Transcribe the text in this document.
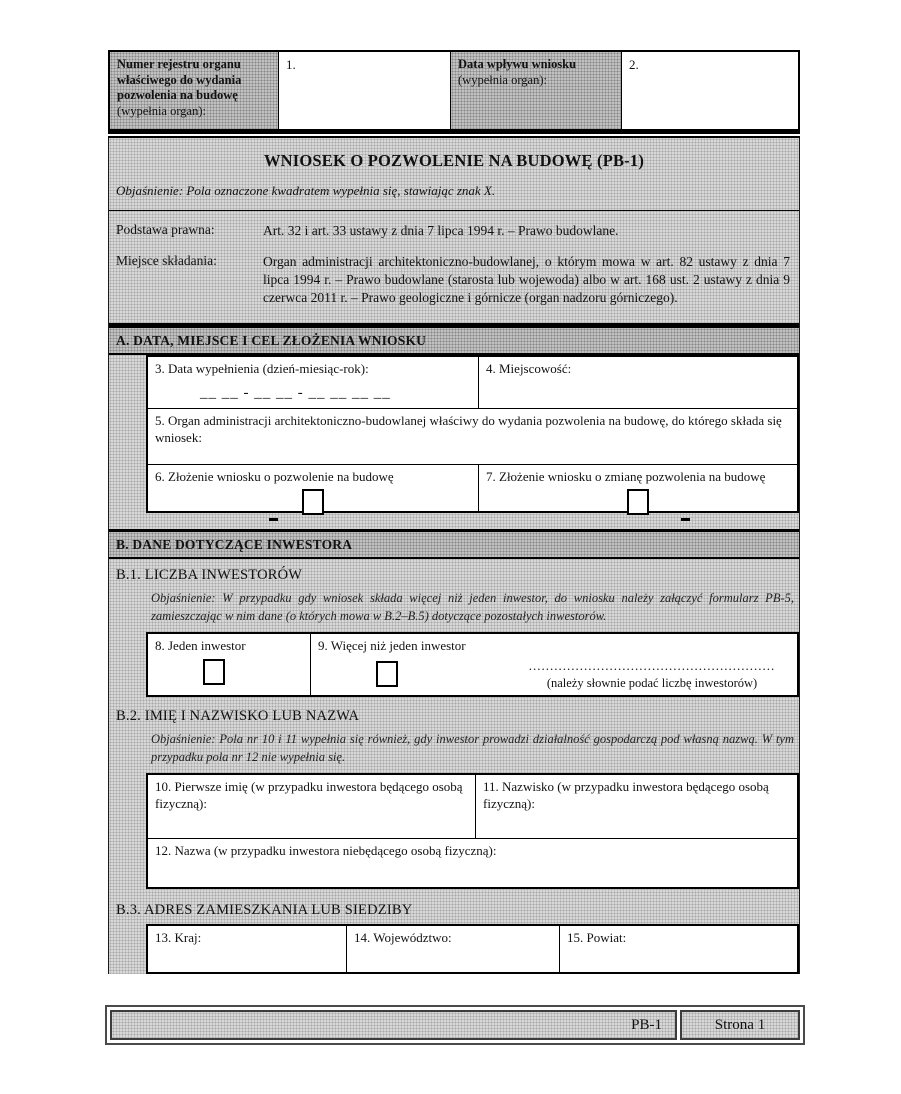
Numer rejestru organu właściwego do wydania pozwolenia na budowę (wypełnia organ):
1.	Data wpływu wniosku
(wypełnia organ):
2.
WNIOSEK O POZWOLENIE NA BUDOWĘ (PB-1)
Objaśnienie: Pola oznaczone kwadratem wypełnia się, stawiając znak X.
Podstawa prawna:	Art. 32 i art. 33 ustawy z dnia 7 lipca 1994 r. – Prawo budowlane.
Miejsce składania:	Organ administracji architektoniczno-budowlanej, o którym mowa w art. 82 ustawy z dnia 7 lipca 1994 r. – Prawo budowlane (starosta lub wojewoda) albo w art. 168 ust. 2 ustawy z dnia 9 czerwca 2011 r. – Prawo geologiczne i górnicze (organ nadzoru górniczego).
A. DATA, MIEJSCE I CEL ZŁOŻENIA WNIOSKU
3. Data wypełnienia (dzień-miesiąc-rok):
__ __ - __ __ - __ __ __ __
4. Miejscowość:
5. Organ administracji architektoniczno-budowlanej właściwy do wydania pozwolenia na budowę, do którego składa się wniosek:
6. Złożenie wniosku o pozwolenie na budowę	7. Złożenie wniosku o zmianę pozwolenia na budowę
B. DANE DOTYCZĄCE INWESTORA
B.1. LICZBA INWESTORÓW
Objaśnienie: W przypadku gdy wniosek składa więcej niż jeden inwestor, do wniosku należy załączyć formularz PB-5, zamieszczając w nim dane (o których mowa w B.2–B.5) dotyczące pozostałych inwestorów.
8. Jeden inwestor	9. Więcej niż jeden inwestor
..........................................................
(należy słownie podać liczbę inwestorów)
B.2. IMIĘ I NAZWISKO LUB NAZWA
Objaśnienie: Pola nr 10 i 11 wypełnia się również, gdy inwestor prowadzi działalność gospodarczą pod własną nazwą. W tym przypadku pola nr 12 nie wypełnia się.
10. Pierwsze imię (w przypadku inwestora będącego osobą fizyczną):
11. Nazwisko (w przypadku inwestora będącego osobą fizyczną):
12. Nazwa (w przypadku inwestora niebędącego osobą fizyczną):
B.3. ADRES ZAMIESZKANIA LUB SIEDZIBY
13. Kraj:	14. Województwo:	15. Powiat:
PB-1	Strona 1
